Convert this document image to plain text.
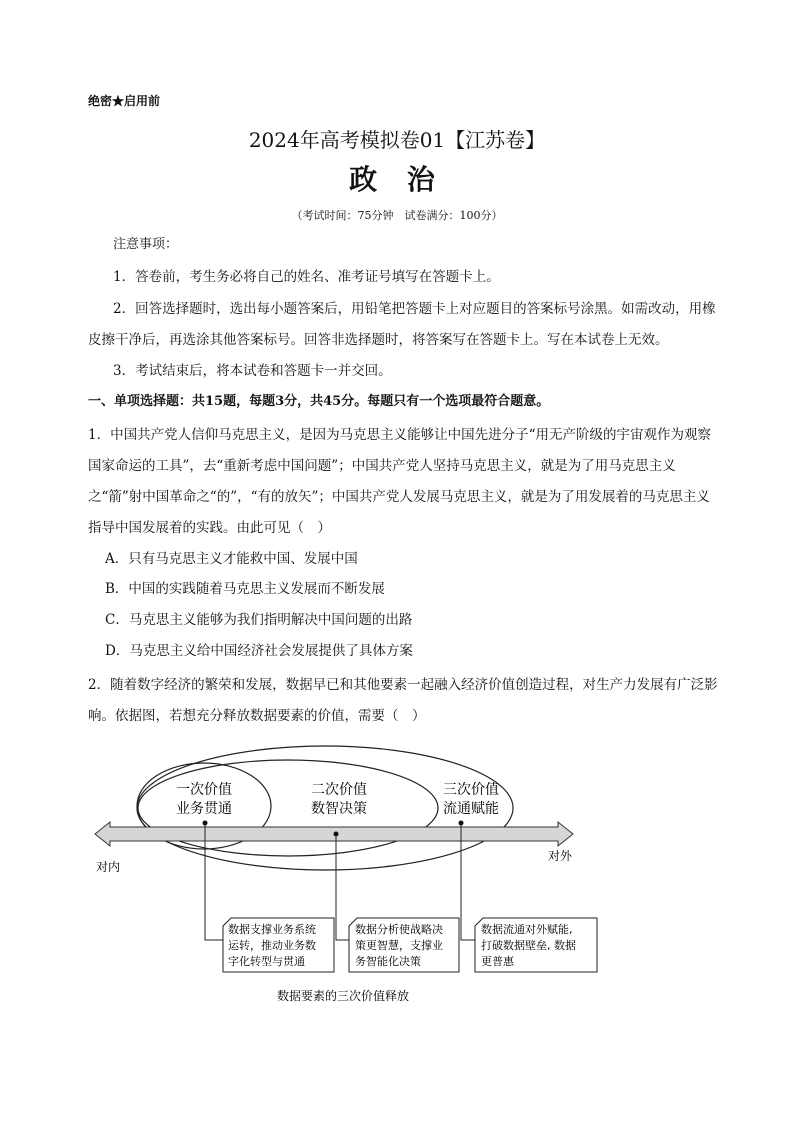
绝密★启用前
2024年高考模拟卷01【江苏卷】
政 治
（考试时间：75分钟　试卷满分：100分）
注意事项：
1．答卷前，考生务必将自己的姓名、准考证号填写在答题卡上。
2．回答选择题时，选出每小题答案后，用铅笔把答题卡上对应题目的答案标号涂黑。如需改动，用橡皮擦干净后，再选涂其他答案标号。回答非选择题时，将答案写在答题卡上。写在本试卷上无效。
3．考试结束后，将本试卷和答题卡一并交回。
一、单项选择题：共15题，每题3分，共45分。每题只有一个选项最符合题意。
1．中国共产党人信仰马克思主义，是因为马克思主义能够让中国先进分子“用无产阶级的宇宙观作为观察国家命运的工具”，去“重新考虑中国问题”；中国共产党人坚持马克思主义，就是为了用马克思主义之“箭”射中国革命之“的”，“有的放矢”；中国共产党人发展马克思主义，就是为了用发展着的马克思主义指导中国发展着的实践。由此可见（　）
A．只有马克思主义才能救中国、发展中国
B．中国的实践随着马克思主义发展而不断发展
C．马克思主义能够为我们指明解决中国问题的出路
D．马克思主义给中国经济社会发展提供了具体方案
2．随着数字经济的繁荣和发展，数据早已和其他要素一起融入经济价值创造过程，对生产力发展有广泛影响。依据图，若想充分释放数据要素的价值，需要（　）
一次价值
业务贯通
二次价值
数智决策
三次价值
流通赋能
对内
对外
数据支撑业务系统
运转，推动业务数
字化转型与贯通
数据分析使战略决
策更智慧，支撑业
务智能化决策
数据流通对外赋能,
打破数据壁垒, 数据
更普惠
数据要素的三次价值释放
